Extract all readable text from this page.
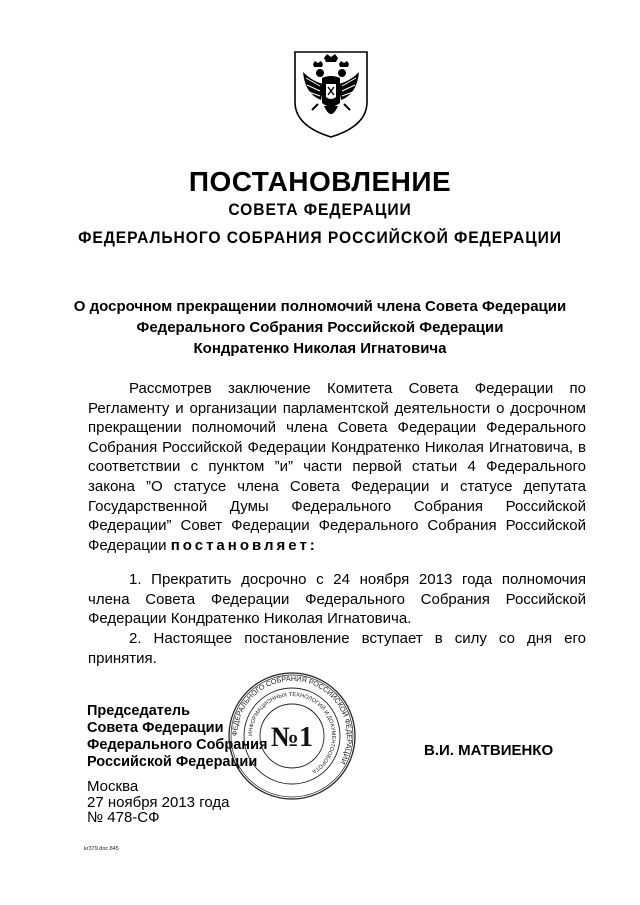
ПОСТАНОВЛЕНИЕ
СОВЕТА ФЕДЕРАЦИИ
ФЕДЕРАЛЬНОГО СОБРАНИЯ РОССИЙСКОЙ ФЕДЕРАЦИИ
О досрочном прекращении полномочий члена Совета Федерации
Федерального Собрания Российской Федерации
Кондратенко Николая Игнатовича
Рассмотрев заключение Комитета Совета Федерации по Регламенту и организации парламентской деятельности о досрочном прекращении полномочий члена Совета Федерации Федерального Собрания Российской Федерации Кондратенко Николая Игнатовича, в соответствии с пунктом ”и” части первой статьи 4 Федерального закона ”О статусе члена Совета Федерации и статусе депутата Государственной Думы Федерального Собрания Российской Федерации” Совет Федерации Федерального Собрания Российской Федерации постановляет:
1. Прекратить досрочно с 24 ноября 2013 года полномочия члена Совета Федерации Федерального Собрания Российской Федерации Кондратенко Николая Игнатовича.
2. Настоящее постановление вступает в силу со дня его принятия.
Председатель
Совета Федерации
Федерального Собрания
Российской Федерации
ФЕДЕРАЛЬНОГО СОБРАНИЯ РОССИЙСКОЙ ФЕДЕРАЦИИ
ИНФОРМАЦИОННЫХ ТЕХНОЛОГИЙ И ДОКУМЕНТООБОРОТА
№1	В.И. МАТВИЕНКО
Москва
27 ноября 2013 года
№ 478-СФ
kr379.doc 845
